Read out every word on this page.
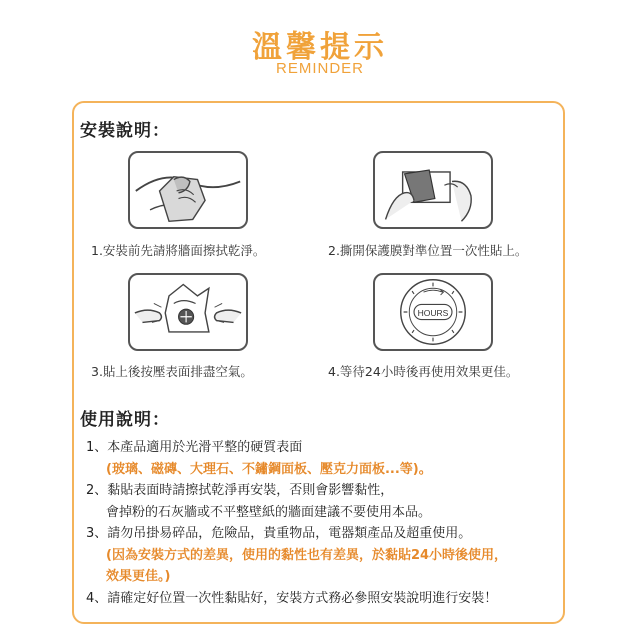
溫馨提示
REMINDER
安裝說明：
1.安裝前先請將牆面擦拭乾淨。	2.撕開保護膜對準位置一次性貼上。
3.貼上後按壓表面排盡空氣。
HOURS
4.等待24小時後再使用效果更佳。
使用說明：
1、本產品適用於光滑平整的硬質表面
(玻璃、磁磚、大理石、不鏽鋼面板、壓克力面板...等)。
2、黏貼表面時請擦拭乾淨再安裝，否則會影響黏性，
會掉粉的石灰牆或不平整壁紙的牆面建議不要使用本品。
3、請勿吊掛易碎品，危險品，貴重物品，電器類產品及超重使用。
(因為安裝方式的差異，使用的黏性也有差異，於黏貼24小時後使用，
效果更佳。)
4、請確定好位置一次性黏貼好，安裝方式務必參照安裝說明進行安裝！
